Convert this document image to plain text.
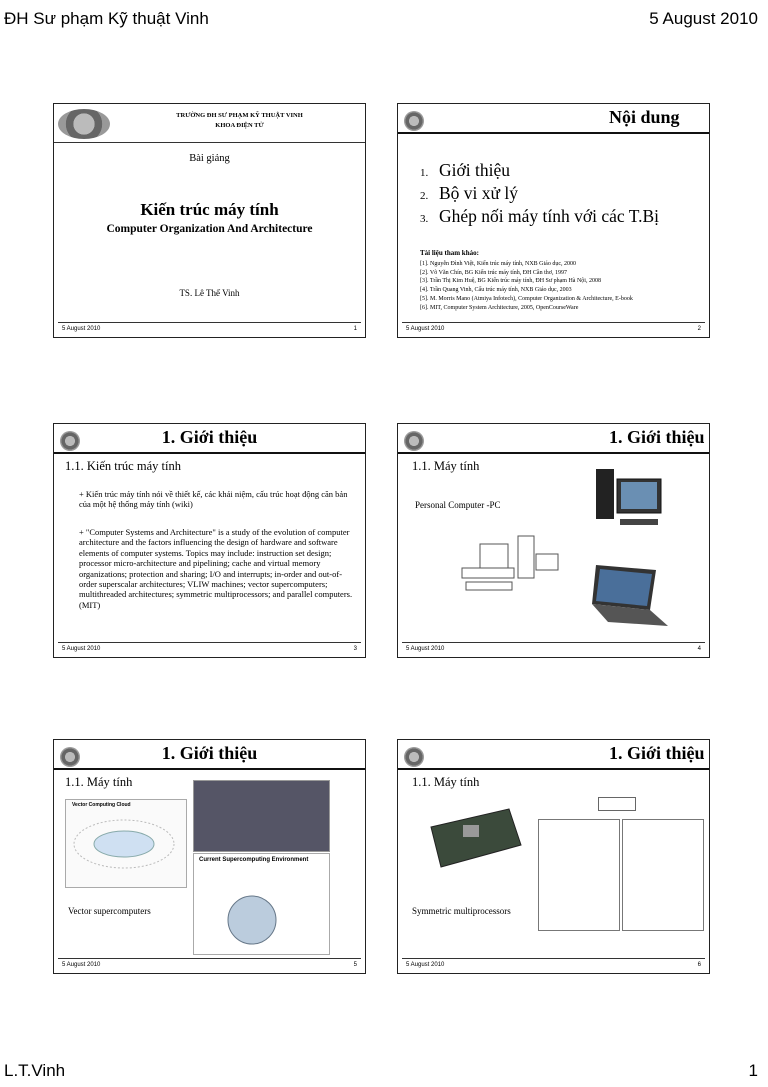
ĐH Sư phạm Kỹ thuật Vinh	5 August 2010
TRƯỜNG ĐH SƯ PHẠM KỸ THUẬT VINH
KHOA ĐIỆN TỬ
Bài giảng
Kiến trúc máy tính
Computer Organization And Architecture
TS. Lê Thế Vinh
5 August 2010	1
Nội dung
1. Giới thiệu
2. Bộ vi xử lý
3. Ghép nối máy tính với các T.Bị
Tài liệu tham khảo:
[1]. Nguyễn Đình Việt, Kiến trúc máy tính, NXB Giáo dục, 2000
[2]. Võ Văn Chín, BG Kiến trúc máy tính, ĐH Cần thơ, 1997
[3]. Trần Thị Kim Huệ, BG Kiến trúc máy tính, ĐH Sư phạm Hà Nội, 2008
[4]. Trần Quang Vinh, Cấu trúc máy tính, NXB Giáo dục, 2003
[5]. M. Morris Mano (Atmiya Infotech), Computer Organization & Architecture, E-book
[6]. MIT, Computer System Architecture, 2005, OpenCourseWare
5 August 2010	2
1. Giới thiệu
1.1. Kiến trúc máy tính
+ Kiến trúc máy tính nói về thiết kế, các khái niệm, cấu trúc hoạt động căn bản của một hệ thống máy tính (wiki)
+ "Computer Systems and Architecture" is a study of the evolution of computer architecture and the factors influencing the design of hardware and software elements of computer systems. Topics may include: instruction set design; processor micro-architecture and pipelining; cache and virtual memory organizations; protection and sharing; I/O and interrupts; in-order and out-of-order superscalar architectures; VLIW machines; vector supercomputers; multithreaded architectures; symmetric multiprocessors; and parallel computers. (MIT)
5 August 2010	3
1. Giới thiệu
1.1. Máy tính
Personal Computer -PC
5 August 2010	4
1. Giới thiệu
1.1. Máy tính
Vector Computing Cloud
Current Supercomputing Environment
Vector supercomputers
5 August 2010	5
1. Giới thiệu
1.1. Máy tính
Symmetric multiprocessors
5 August 2010	6
L.T.Vinh	1
